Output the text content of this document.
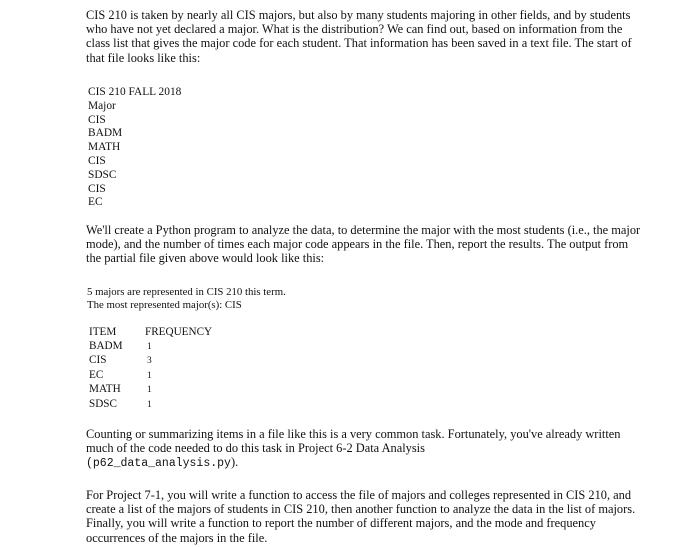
CIS 210 is taken by nearly all CIS majors, but also by many students majoring in other fields, and by students who have not yet declared a major. What is the distribution? We can find out, based on information from the class list that gives the major code for each student. That information has been saved in a text file. The start of that file looks like this:

CIS 210 FALL 2018
Major
CIS
BADM
MATH
CIS
SDSC
CIS
EC

We'll create a Python program to analyze the data, to determine the major with the most students (i.e., the major mode), and the number of times each major code appears in the file. Then, report the results. The output from the partial file given above would look like this:

5 majors are represented in CIS 210 this term.
The most represented major(s): CIS
ITEM	FREQUENCY
BADM	1
CIS	3
EC	1
MATH	1
SDSC	1

Counting or summarizing items in a file like this is a very common task. Fortunately, you've already written much of the code needed to do this task in Project 6-2 Data Analysis
(p62_data_analysis.py).

For Project 7-1, you will write a function to access the file of majors and colleges represented in CIS 210, and create a list of the majors of students in CIS 210, then another function to analyze the data in the list of majors. Finally, you will write a function to report the number of different majors, and the mode and frequency occurrences of the majors in the file.
